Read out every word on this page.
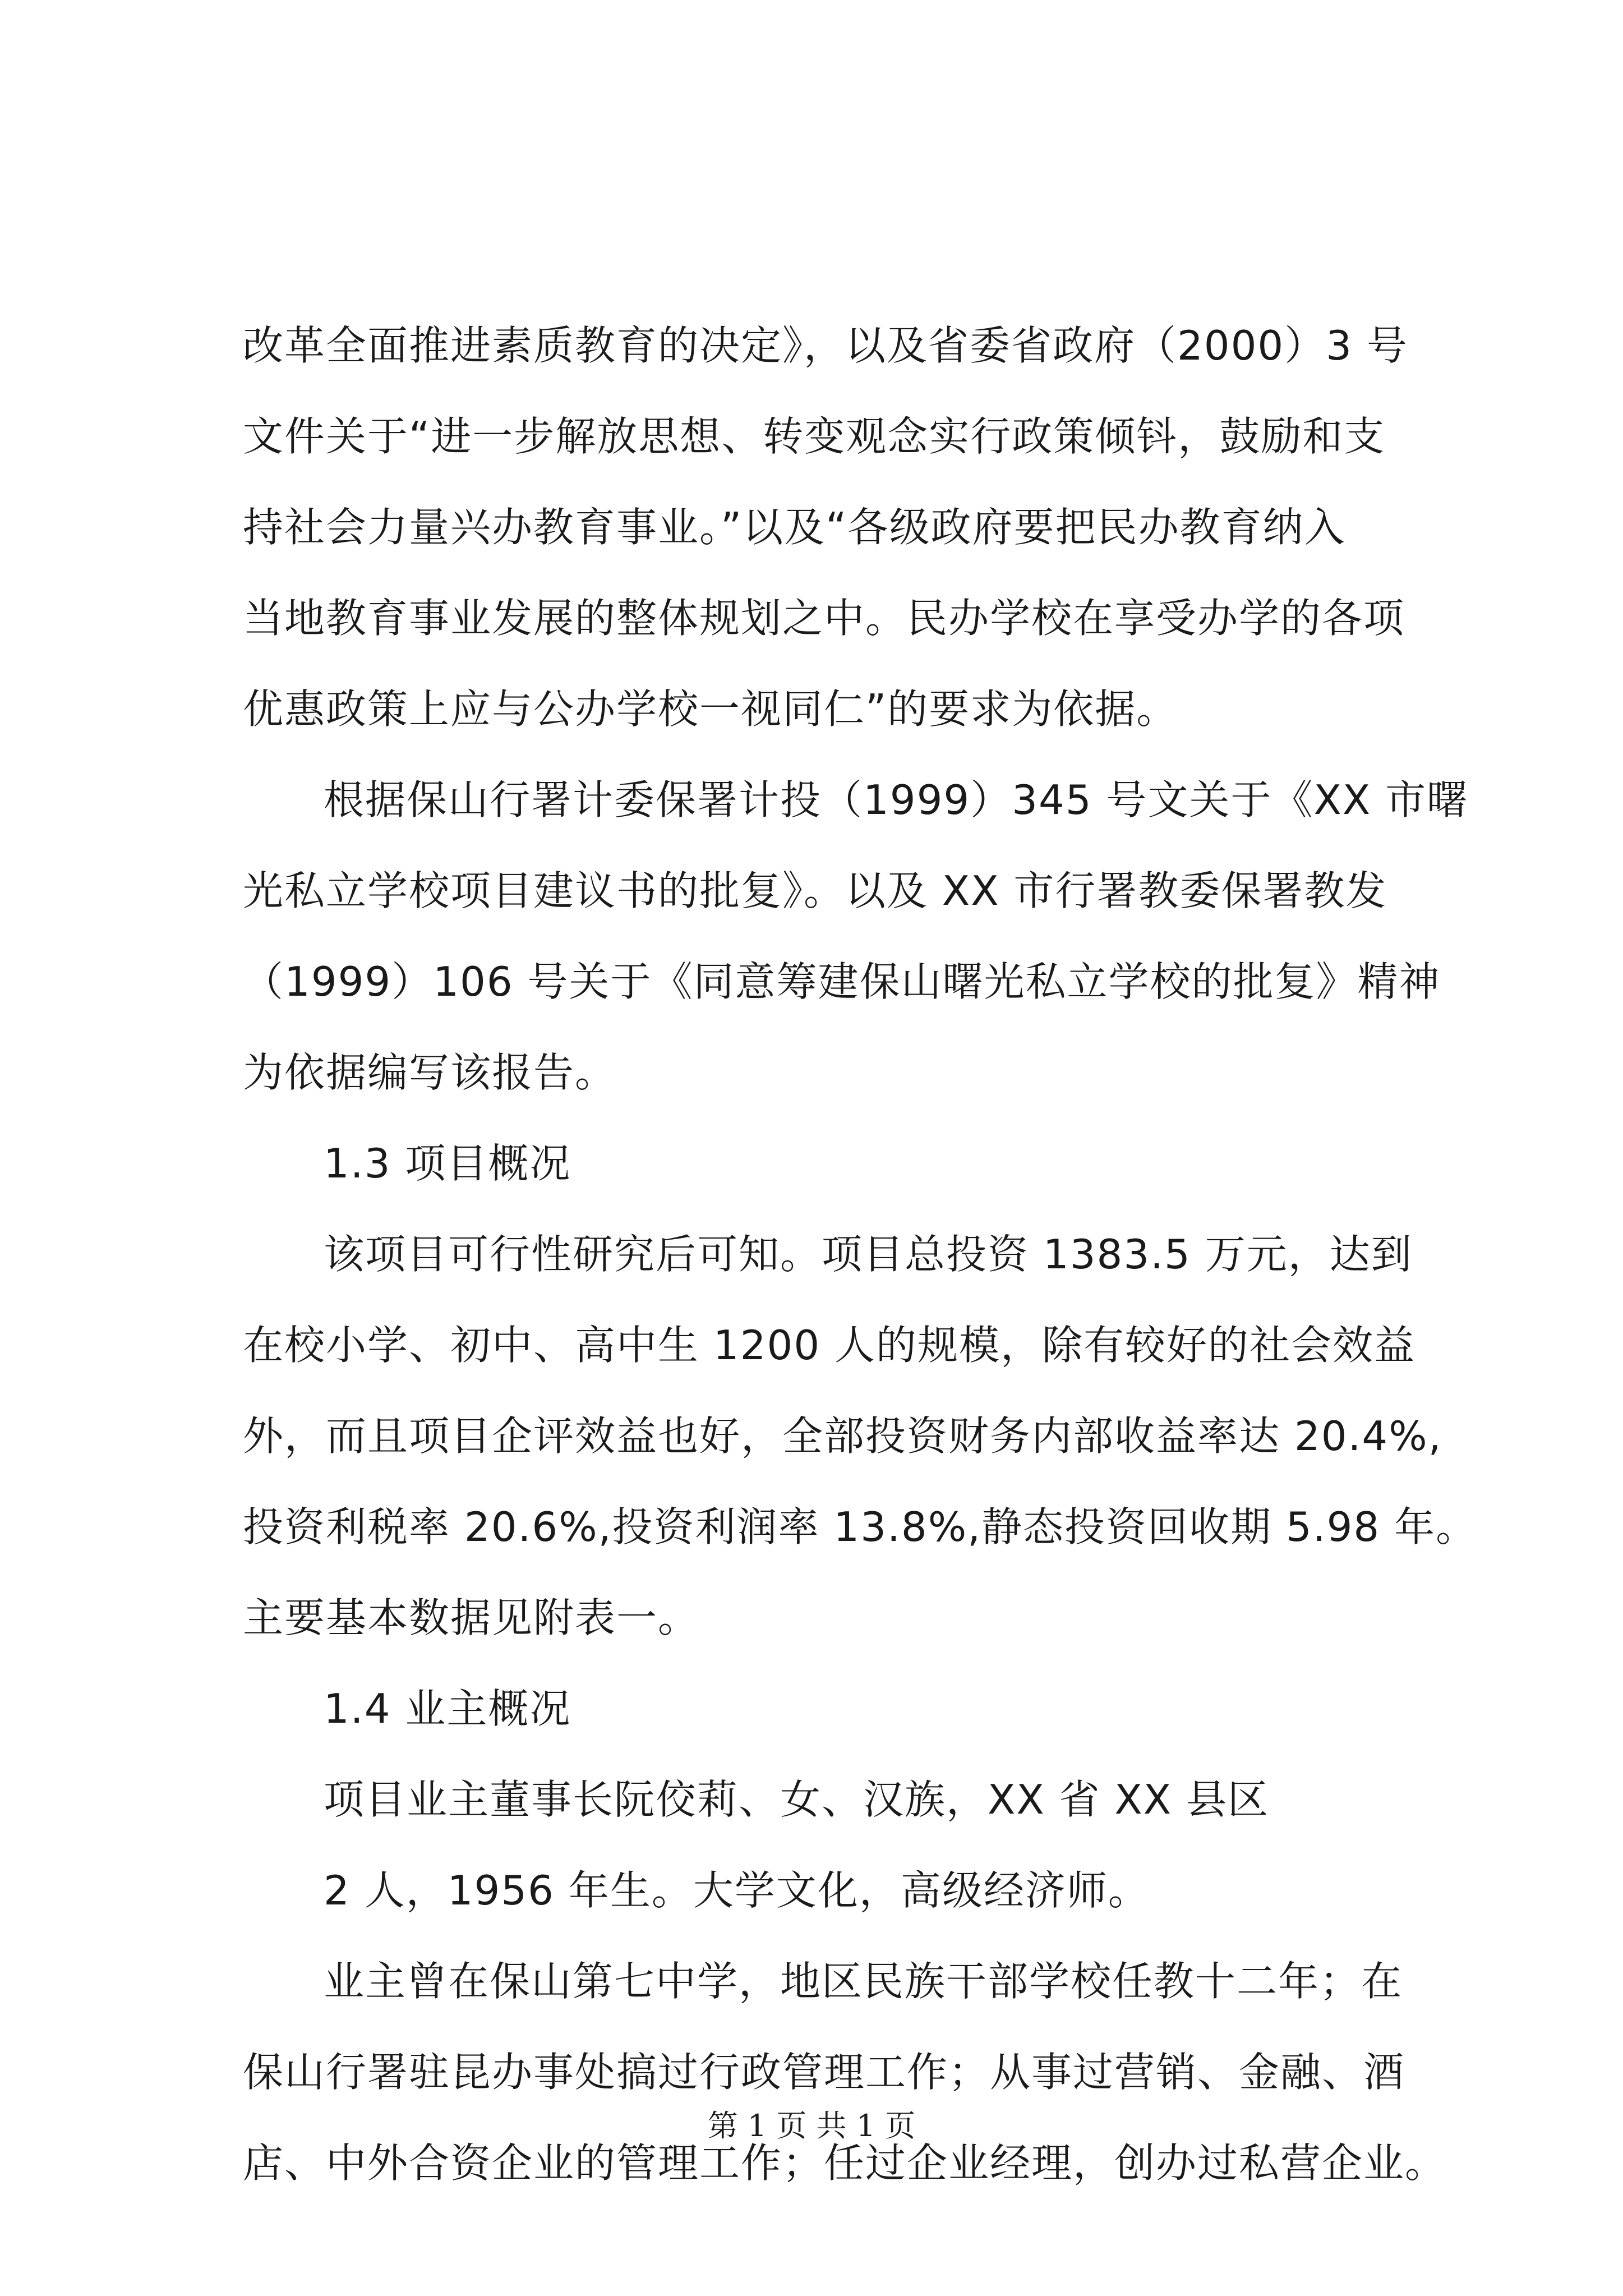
改革全面推进素质教育的决定》，以及省委省政府（2000）3 号
文件关于“进一步解放思想、转变观念实行政策倾钭，鼓励和支
持社会力量兴办教育事业。”以及“各级政府要把民办教育纳入
当地教育事业发展的整体规划之中。民办学校在享受办学的各项
优惠政策上应与公办学校一视同仁”的要求为依据。
根据保山行署计委保署计投（1999）345 号文关于《XX 市曙
光私立学校项目建议书的批复》。以及 XX 市行署教委保署教发
（1999）106 号关于《同意筹建保山曙光私立学校的批复》精神
为依据编写该报告。
1.3 项目概况
该项目可行性研究后可知。项目总投资 1383.5 万元，达到
在校小学、初中、高中生 1200 人的规模，除有较好的社会效益
外，而且项目企评效益也好，全部投资财务内部收益率达 20.4%,
投资利税率 20.6%,投资利润率 13.8%,静态投资回收期 5.98 年。
主要基本数据见附表一。
1.4 业主概况
项目业主董事长阮佼莉、女、汉族，XX 省 XX 县区
2 人，1956 年生。大学文化，高级经济师。
业主曾在保山第七中学，地区民族干部学校任教十二年；在
保山行署驻昆办事处搞过行政管理工作；从事过营销、金融、酒
店、中外合资企业的管理工作；任过企业经理，创办过私营企业。
第 1 页 共 1 页
